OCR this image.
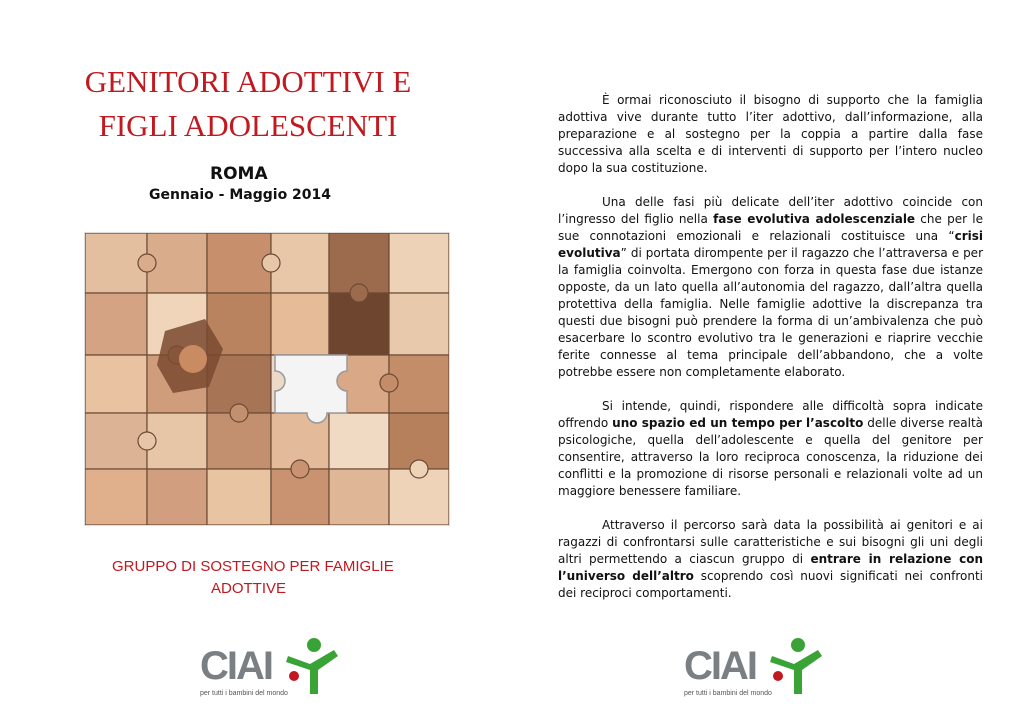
GENITORI ADOTTIVI E
FIGLI ADOLESCENTI
ROMA
Gennaio - Maggio 2014
GRUPPO DI SOSTEGNO PER FAMIGLIE
ADOTTIVE
CIAI
per tutti i bambini del mondo

È ormai riconosciuto il bisogno di supporto che la famiglia adottiva vive durante tutto l’iter adottivo, dall’informazione, alla preparazione e al sostegno per la coppia a partire dalla fase successiva alla scelta e di interventi di supporto per l’intero nucleo dopo la sua costituzione.

Una delle fasi più delicate dell’iter adottivo coincide con l’ingresso del figlio nella fase evolutiva adolescenziale che per le sue connotazioni emozionali e relazionali costituisce una “crisi evolutiva” di portata dirompente per il ragazzo che l’attraversa e per la famiglia coinvolta. Emergono con forza in questa fase due istanze opposte, da un lato quella all’autonomia del ragazzo, dall’altra quella protettiva della famiglia. Nelle famiglie adottive la discrepanza tra questi due bisogni può prendere la forma di un’ambivalenza che può esacerbare lo scontro evolutivo tra le generazioni e riaprire vecchie ferite connesse al tema principale dell’abbandono, che a volte potrebbe essere non completamente elaborato.

Si intende, quindi, rispondere alle difficoltà sopra indicate offrendo uno spazio ed un tempo per l’ascolto delle diverse realtà psicologiche, quella dell’adolescente e quella del genitore per consentire, attraverso la loro reciproca conoscenza, la riduzione dei conflitti e la promozione di risorse personali e relazionali volte ad un maggiore benessere familiare.

Attraverso il percorso sarà data la possibilità ai genitori e ai ragazzi di confrontarsi sulle caratteristiche e sui bisogni gli uni degli altri permettendo a ciascun gruppo di entrare in relazione con l’universo dell’altro scoprendo così nuovi significati nei confronti dei reciproci comportamenti.

CIAI
per tutti i bambini del mondo
